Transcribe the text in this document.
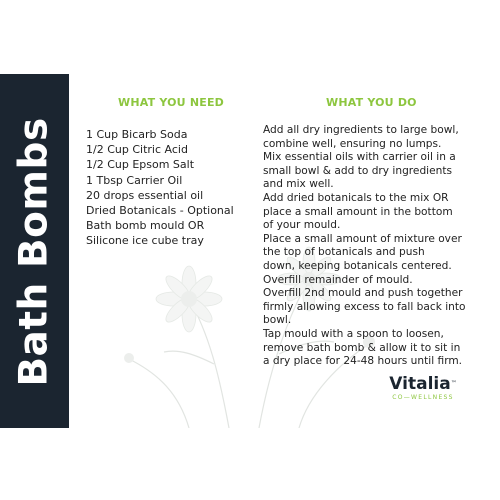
Bath Bombs
WHAT YOU NEED	WHAT YOU DO
1 Cup Bicarb Soda
1/2 Cup Citric Acid
1/2 Cup Epsom Salt
1 Tbsp Carrier Oil
20 drops essential oil
Dried Botanicals - Optional
Bath bomb mould OR
Silicone ice cube tray
Add all dry ingredients to large bowl,
combine well, ensuring no lumps.
Mix essential oils with carrier oil in a
small bowl & add to dry ingredients
and mix well.
Add dried botanicals to the mix OR
place a small amount in the bottom
of your mould.
Place a small amount of mixture over
the top of botanicals and push
down, keeping botanicals centered.
Overfill remainder of mould.
Overfill 2nd mould and push together
firmly allowing excess to fall back into
bowl.
Tap mould with a spoon to loosen,
remove bath bomb & allow it to sit in
a dry place for 24-48 hours until firm.
Vitalia™
CO—WELLNESS
